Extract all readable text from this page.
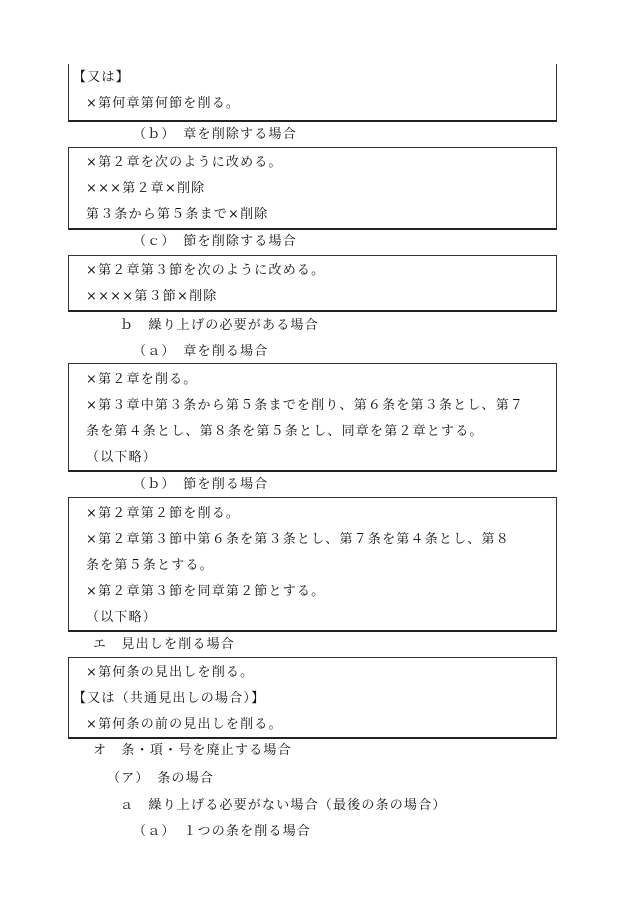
【又は】
×第何章第何節を削る。
（ｂ）　章を削除する場合
×第２章を次のように改める。
×××第２章×削除
第３条から第５条まで×削除
（ｃ）　節を削除する場合
×第２章第３節を次のように改める。
××××第３節×削除
ｂ　繰り上げの必要がある場合
（ａ）　章を削る場合
×第２章を削る。
×第３章中第３条から第５条までを削り、第６条を第３条とし、第７
条を第４条とし、第８条を第５条とし、同章を第２章とする。
（以下略）
（ｂ）　節を削る場合
×第２章第２節を削る。
×第２章第３節中第６条を第３条とし、第７条を第４条とし、第８
条を第５条とする。
×第２章第３節を同章第２節とする。
（以下略）
エ　見出しを削る場合
×第何条の見出しを削る。
【又は（共通見出しの場合）】
×第何条の前の見出しを削る。
オ　条・項・号を廃止する場合
（ア）　条の場合
ａ　繰り上げる必要がない場合（最後の条の場合）
（ａ）　１つの条を削る場合
